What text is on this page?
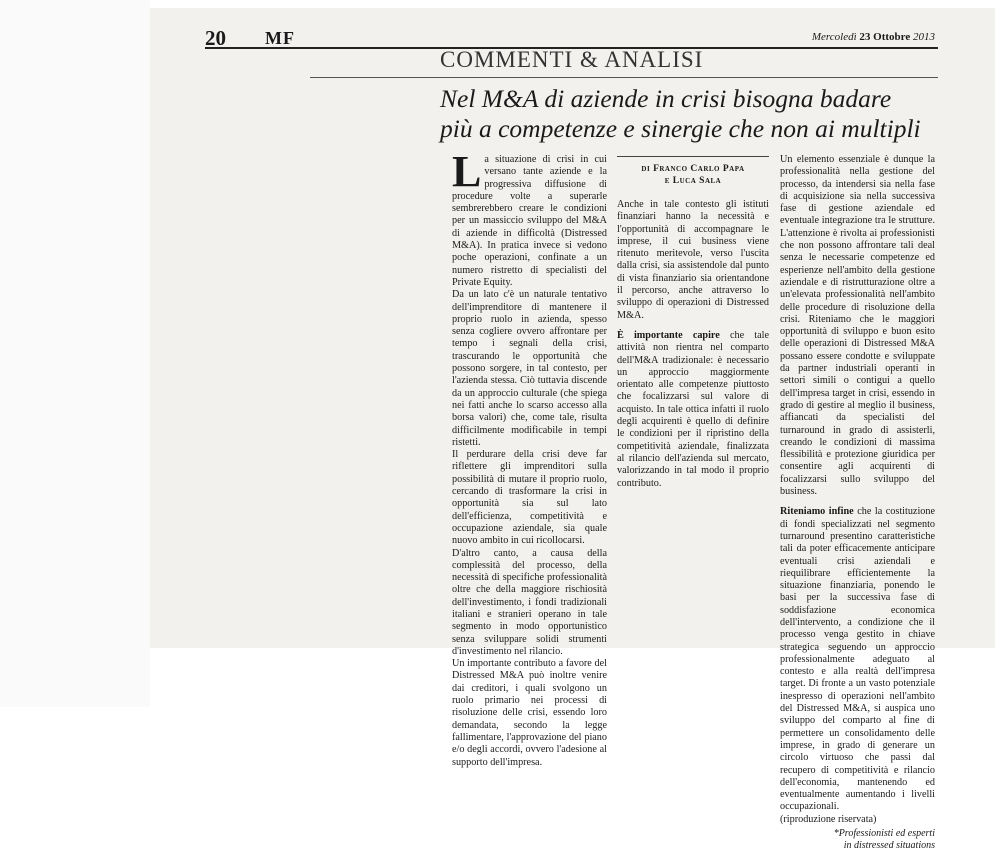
20 MF	Mercoledì 23 Ottobre 2013
COMMENTI & ANALISI
Nel M&A di aziende in crisi bisogna badare
più a competenze e sinergie che non ai multipli

La situazione di crisi in cui versano tante aziende e la progressiva diffusione di procedure volte a superarle sembrerebbero creare le condizioni per un massiccio sviluppo del M&A di aziende in difficoltà (Distressed M&A). In pratica invece si vedono poche operazioni, confinate a un numero ristretto di specialisti del Private Equity.

Da un lato c'è un naturale tentativo dell'imprenditore di mantenere il proprio ruolo in azienda, spesso senza cogliere ovvero affrontare per tempo i segnali della crisi, trascurando le opportunità che possono sorgere, in tal contesto, per l'azienda stessa. Ciò tuttavia discende da un approccio culturale (che spiega nei fatti anche lo scarso accesso alla borsa valori) che, come tale, risulta difficilmente modificabile in tempi ristetti.

Il perdurare della crisi deve far riflettere gli imprenditori sulla possibilità di mutare il proprio ruolo, cercando di trasformare la crisi in opportunità sia sul lato dell'efficienza, competitività e occupazione aziendale, sia quale nuovo ambito in cui ricollocarsi.

D'altro canto, a causa della complessità del processo, della necessità di specifiche professionalità oltre che della maggiore rischiosità dell'investimento, i fondi tradizionali italiani e stranieri operano in tale segmento in modo opportunistico senza sviluppare solidi strumenti d'investimento nel rilancio.

Un importante contributo a favore del Distressed M&A può inoltre venire dai creditori, i quali svolgono un ruolo primario nei processi di risoluzione delle crisi, essendo loro demandata, secondo la legge fallimentare, l'approvazione del piano e/o degli accordi, ovvero l'adesione al supporto dell'impresa.

di Franco Carlo Papa
e Luca Sala

Anche in tale contesto gli istituti finanziari hanno la necessità e l'opportunità di accompagnare le imprese, il cui business viene ritenuto meritevole, verso l'uscita dalla crisi, sia assistendole dal punto di vista finanziario sia orientandone il percorso, anche attraverso lo sviluppo di operazioni di Distressed M&A.

È importante capire che tale attività non rientra nel comparto dell'M&A tradizionale: è necessario un approccio maggiormente orientato alle competenze piuttosto che focalizzarsi sul valore di acquisto. In tale ottica infatti il ruolo degli acquirenti è quello di definire le condizioni per il ripristino della competitività aziendale, finalizzata al rilancio dell'azienda sul mercato, valorizzando in tal modo il proprio contributo.

Un elemento essenziale è dunque la professionalità nella gestione del processo, da intendersi sia nella fase di acquisizione sia nella successiva fase di gestione aziendale ed eventuale integrazione tra le strutture. L'attenzione è rivolta ai professionisti che non possono affrontare tali deal senza le necessarie competenze ed esperienze nell'ambito della gestione aziendale e di ristrutturazione oltre a un'elevata professionalità nell'ambito delle procedure di risoluzione della crisi. Riteniamo che le maggiori opportunità di sviluppo e buon esito delle operazioni di Distressed M&A possano essere condotte e sviluppate da partner industriali operanti in settori simili o contigui a quello dell'impresa target in crisi, essendo in grado di gestire al meglio il business, affiancati da specialisti del turnaround in grado di assisterli, creando le condizioni di massima flessibilità e protezione giuridica per consentire agli acquirenti di focalizzarsi sullo sviluppo del business.

Riteniamo infine che la costituzione di fondi specializzati nel segmento turnaround presentino caratteristiche tali da poter efficacemente anticipare eventuali crisi aziendali e riequilibrare efficientemente la situazione finanziaria, ponendo le basi per la successiva fase di soddisfazione economica dell'intervento, a condizione che il processo venga gestito in chiave strategica seguendo un approccio professionalmente adeguato al contesto e alla realtà dell'impresa target. Di fronte a un vasto potenziale inespresso di operazioni nell'ambito del Distressed M&A, si auspica uno sviluppo del comparto al fine di permettere un consolidamento delle imprese, in grado di generare un circolo virtuoso che passi dal recupero di competitività e rilancio dell'economia, mantenendo ed eventualmente aumentando i livelli occupazionali.

(riproduzione riservata)

*Professionisti ed esperti
in distressed situations
